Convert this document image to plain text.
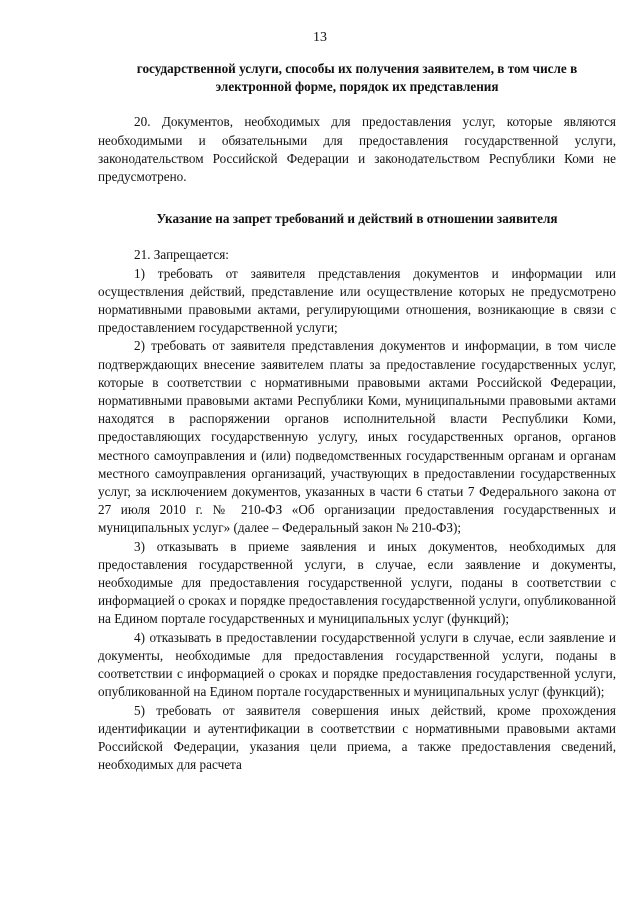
13

государственной услуги, способы их получения заявителем, в том числе в электронной форме, порядок их представления

20. Документов, необходимых для предоставления услуг, которые являются необходимыми и обязательными для предоставления государственной услуги, законодательством Российской Федерации и законодательством Республики Коми не предусмотрено.

Указание на запрет требований и действий в отношении заявителя

21. Запрещается:

1) требовать от заявителя представления документов и информации или осуществления действий, представление или осуществление которых не предусмотрено нормативными правовыми актами, регулирующими отношения, возникающие в связи с предоставлением государственной услуги;

2) требовать от заявителя представления документов и информации, в том числе подтверждающих внесение заявителем платы за предоставление государственных услуг, которые в соответствии с нормативными правовыми актами Российской Федерации, нормативными правовыми актами Республики Коми, муниципальными правовыми актами находятся в распоряжении органов исполнительной власти Республики Коми, предоставляющих государственную услугу, иных государственных органов, органов местного самоуправления и (или) подведомственных государственным органам и органам местного самоуправления организаций, участвующих в предоставлении государственных услуг, за исключением документов, указанных в части 6 статьи 7 Федерального закона от 27 июля 2010 г. № 210-ФЗ «Об организации предоставления государственных и муниципальных услуг» (далее – Федеральный закон № 210-ФЗ);

3) отказывать в приеме заявления и иных документов, необходимых для предоставления государственной услуги, в случае, если заявление и документы, необходимые для предоставления государственной услуги, поданы в соответствии с информацией о сроках и порядке предоставления государственной услуги, опубликованной на Едином портале государственных и муниципальных услуг (функций);

4) отказывать в предоставлении государственной услуги в случае, если заявление и документы, необходимые для предоставления государственной услуги, поданы в соответствии с информацией о сроках и порядке предоставления государственной услуги, опубликованной на Едином портале государственных и муниципальных услуг (функций);

5) требовать от заявителя совершения иных действий, кроме прохождения идентификации и аутентификации в соответствии с нормативными правовыми актами Российской Федерации, указания цели приема, а также предоставления сведений, необходимых для расчета
